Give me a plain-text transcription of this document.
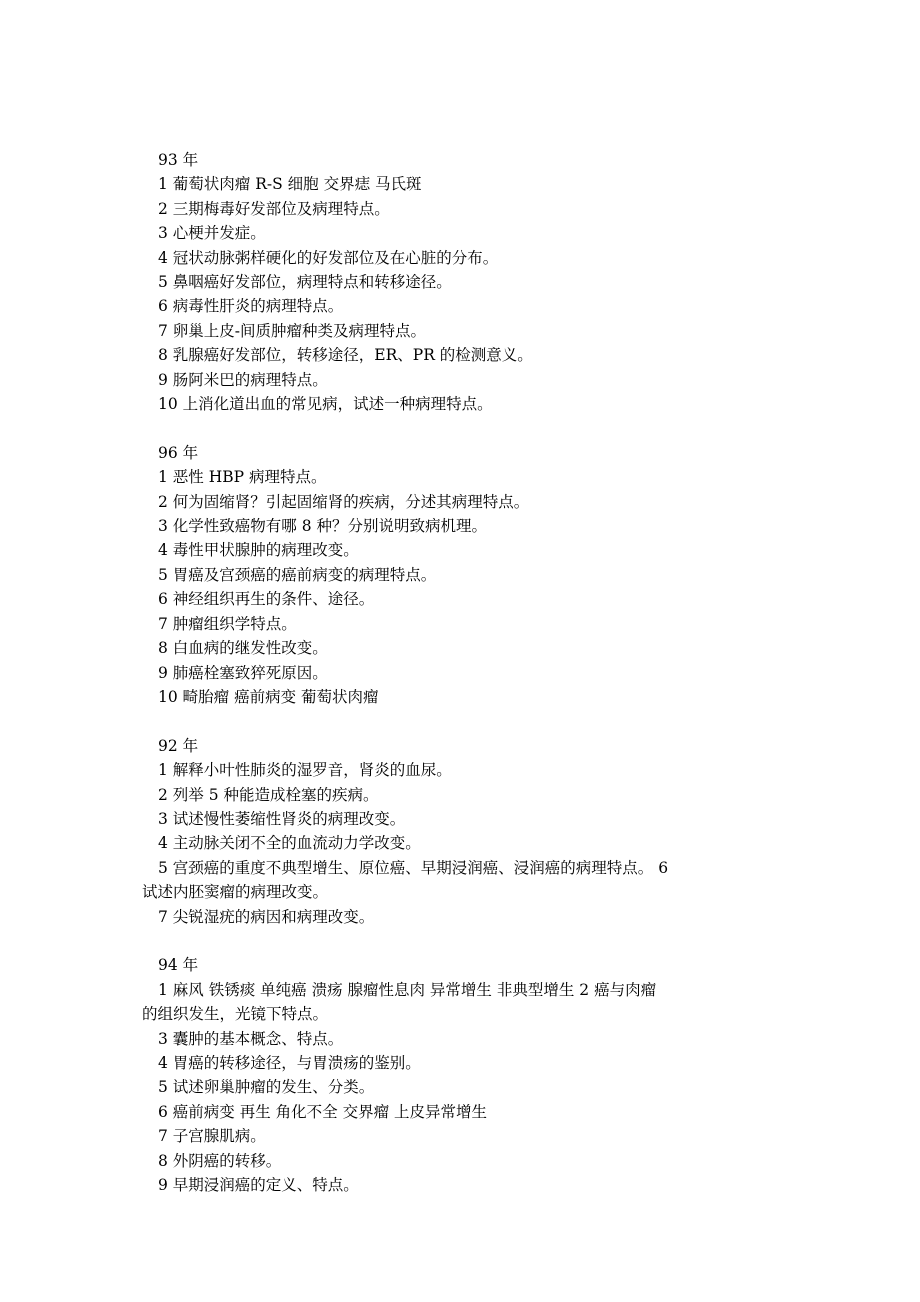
93 年
1 葡萄状肉瘤 R-S 细胞 交界痣 马氏斑
2 三期梅毒好发部位及病理特点。
3 心梗并发症。
4 冠状动脉粥样硬化的好发部位及在心脏的分布。
5 鼻咽癌好发部位，病理特点和转移途径。
6 病毒性肝炎的病理特点。
7 卵巢上皮-间质肿瘤种类及病理特点。
8 乳腺癌好发部位，转移途径，ER、PR 的检测意义。
9 肠阿米巴的病理特点。
10 上消化道出血的常见病，试述一种病理特点。
96 年
1 恶性 HBP 病理特点。
2 何为固缩肾？引起固缩肾的疾病，分述其病理特点。
3 化学性致癌物有哪 8 种？分别说明致病机理。
4 毒性甲状腺肿的病理改变。
5 胃癌及宫颈癌的癌前病变的病理特点。
6 神经组织再生的条件、途径。
7 肿瘤组织学特点。
8 白血病的继发性改变。
9 肺癌栓塞致猝死原因。
10 畸胎瘤 癌前病变 葡萄状肉瘤
92 年
1 解释小叶性肺炎的湿罗音，肾炎的血尿。
2 列举 5 种能造成栓塞的疾病。
3 试述慢性萎缩性肾炎的病理改变。
4 主动脉关闭不全的血流动力学改变。
5 宫颈癌的重度不典型增生、原位癌、早期浸润癌、浸润癌的病理特点。 6
试述内胚窦瘤的病理改变。
7 尖锐湿疣的病因和病理改变。
94 年
1 麻风 铁锈痰 单纯癌 溃疡 腺瘤性息肉 异常增生 非典型增生 2 癌与肉瘤
的组织发生，光镜下特点。
3 囊肿的基本概念、特点。
4 胃癌的转移途径，与胃溃疡的鉴别。
5 试述卵巢肿瘤的发生、分类。
6 癌前病变 再生 角化不全 交界瘤 上皮异常增生
7 子宫腺肌病。
8 外阴癌的转移。
9 早期浸润癌的定义、特点。
